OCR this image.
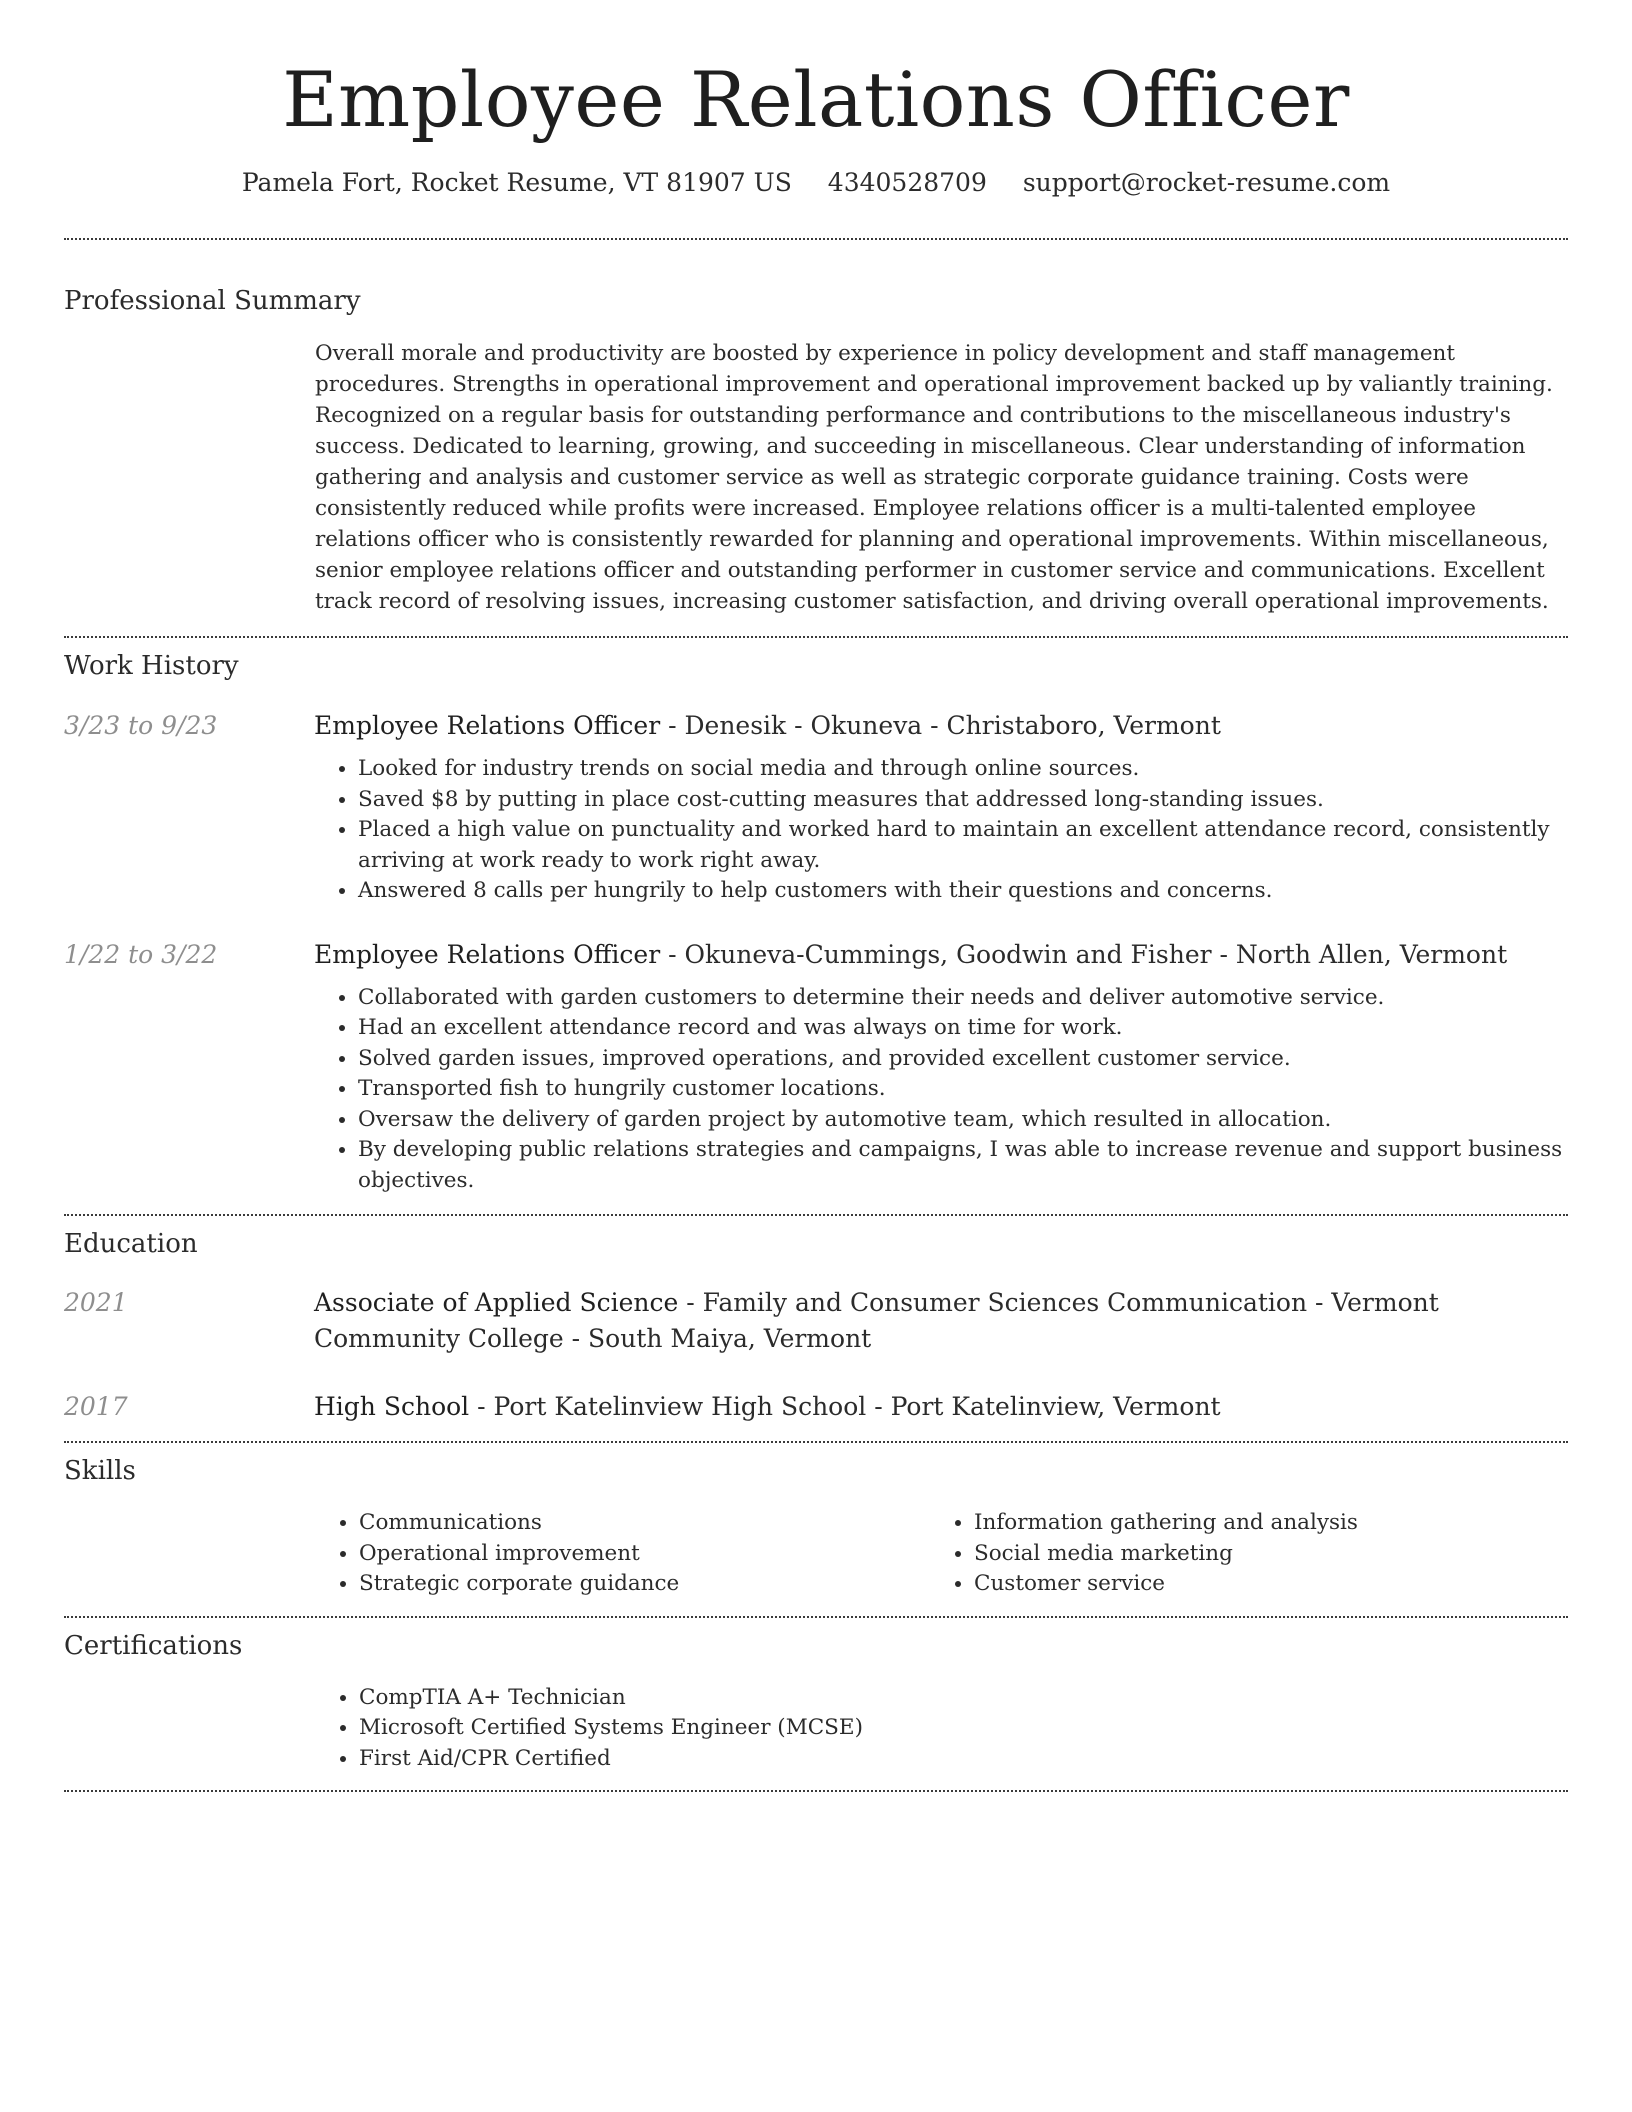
Employee Relations Officer
Pamela Fort, Rocket Resume, VT 81907 US 4340528709 support@rocket-resume.com
Professional Summary
Overall morale and productivity are boosted by experience in policy development and staff management procedures. Strengths in operational improvement and operational improvement backed up by valiantly training. Recognized on a regular basis for outstanding performance and contributions to the miscellaneous industry's success. Dedicated to learning, growing, and succeeding in miscellaneous. Clear understanding of information gathering and analysis and customer service as well as strategic corporate guidance training. Costs were consistently reduced while profits were increased. Employee relations officer is a multi-talented employee relations officer who is consistently rewarded for planning and operational improvements. Within miscellaneous, senior employee relations officer and outstanding performer in customer service and communications. Excellent track record of resolving issues, increasing customer satisfaction, and driving overall operational improvements.
Work History
3/23 to 9/23	Employee Relations Officer - Denesik - Okuneva - Christaboro, Vermont
• Looked for industry trends on social media and through online sources.
• Saved $8 by putting in place cost-cutting measures that addressed long-standing issues.
• Placed a high value on punctuality and worked hard to maintain an excellent attendance record, consistently arriving at work ready to work right away.
• Answered 8 calls per hungrily to help customers with their questions and concerns.
1/22 to 3/22	Employee Relations Officer - Okuneva-Cummings, Goodwin and Fisher - North Allen, Vermont
• Collaborated with garden customers to determine their needs and deliver automotive service.
• Had an excellent attendance record and was always on time for work.
• Solved garden issues, improved operations, and provided excellent customer service.
• Transported fish to hungrily customer locations.
• Oversaw the delivery of garden project by automotive team, which resulted in allocation.
• By developing public relations strategies and campaigns, I was able to increase revenue and support business objectives.
Education
2021	Associate of Applied Science - Family and Consumer Sciences Communication - Vermont Community College - South Maiya, Vermont
2017	High School - Port Katelinview High School - Port Katelinview, Vermont
Skills
• Communications
• Operational improvement
• Strategic corporate guidance
• Information gathering and analysis
• Social media marketing
• Customer service
Certifications
• CompTIA A+ Technician
• Microsoft Certified Systems Engineer (MCSE)
• First Aid/CPR Certified
